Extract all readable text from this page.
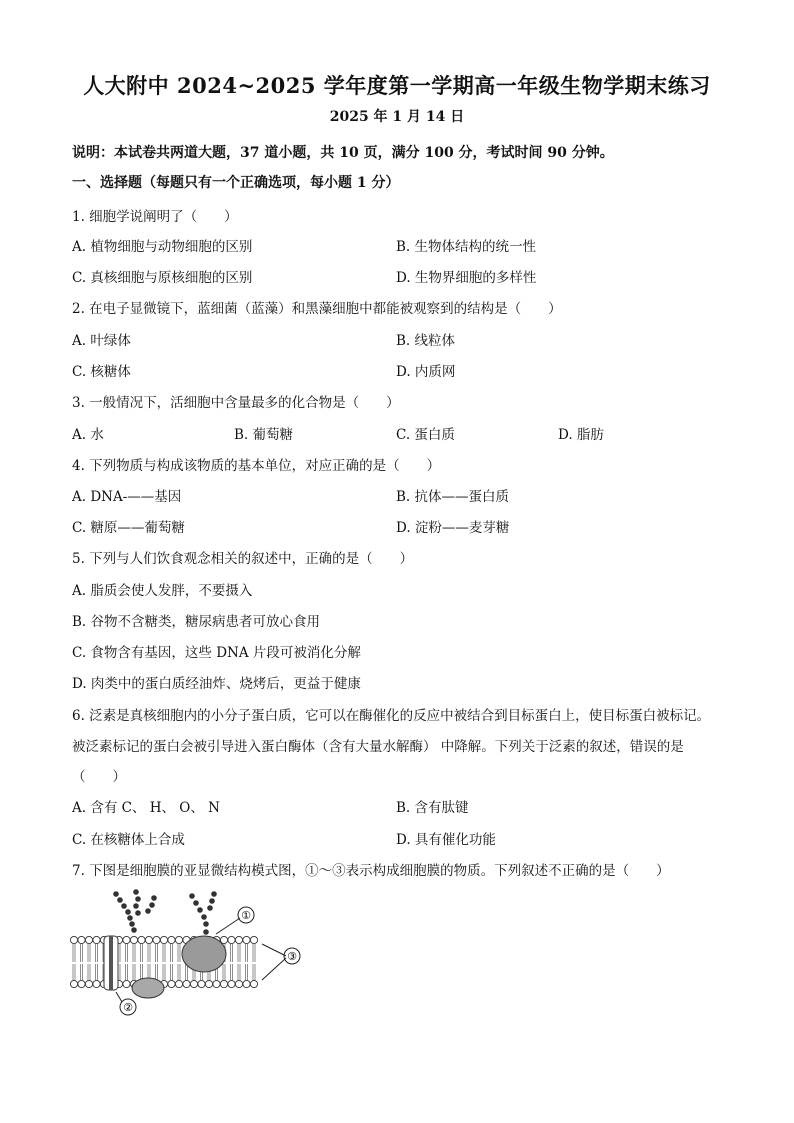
人大附中 2024~2025 学年度第一学期高一年级生物学期末练习
2025 年 1 月 14 日
说明：本试卷共两道大题，37 道小题，共 10 页，满分 100 分，考试时间 90 分钟。
一、选择题（每题只有一个正确选项，每小题 1 分）
1. 细胞学说阐明了（　　）
A. 植物细胞与动物细胞的区别	B. 生物体结构的统一性
C. 真核细胞与原核细胞的区别	D. 生物界细胞的多样性
2. 在电子显微镜下，蓝细菌（蓝藻）和黑藻细胞中都能被观察到的结构是（　　）
A. 叶绿体	B. 线粒体
C. 核糖体	D. 内质网
3. 一般情况下，活细胞中含量最多的化合物是（　　）
A. 水	B. 葡萄糖	C. 蛋白质	D. 脂肪
4. 下列物质与构成该物质的基本单位，对应正确的是（　　）
A. DNA-——基因	B. 抗体——蛋白质
C. 糖原——葡萄糖	D. 淀粉——麦芽糖
5. 下列与人们饮食观念相关的叙述中，正确的是（　　）
A. 脂质会使人发胖，不要摄入
B. 谷物不含糖类，糖尿病患者可放心食用
C. 食物含有基因，这些 DNA 片段可被消化分解
D. 肉类中的蛋白质经油炸、烧烤后，更益于健康
6. 泛素是真核细胞内的小分子蛋白质，它可以在酶催化的反应中被结合到目标蛋白上，使目标蛋白被标记。
被泛素标记的蛋白会被引导进入蛋白酶体（含有大量水解酶） 中降解。下列关于泛素的叙述，错误的是
（　　）
A. 含有 C、 H、 O、 N	B. 含有肽键
C. 在核糖体上合成	D. 具有催化功能
7. 下图是细胞膜的亚显微结构模式图，①～③表示构成细胞膜的物质。下列叙述不正确的是（　　）
①
②
③
